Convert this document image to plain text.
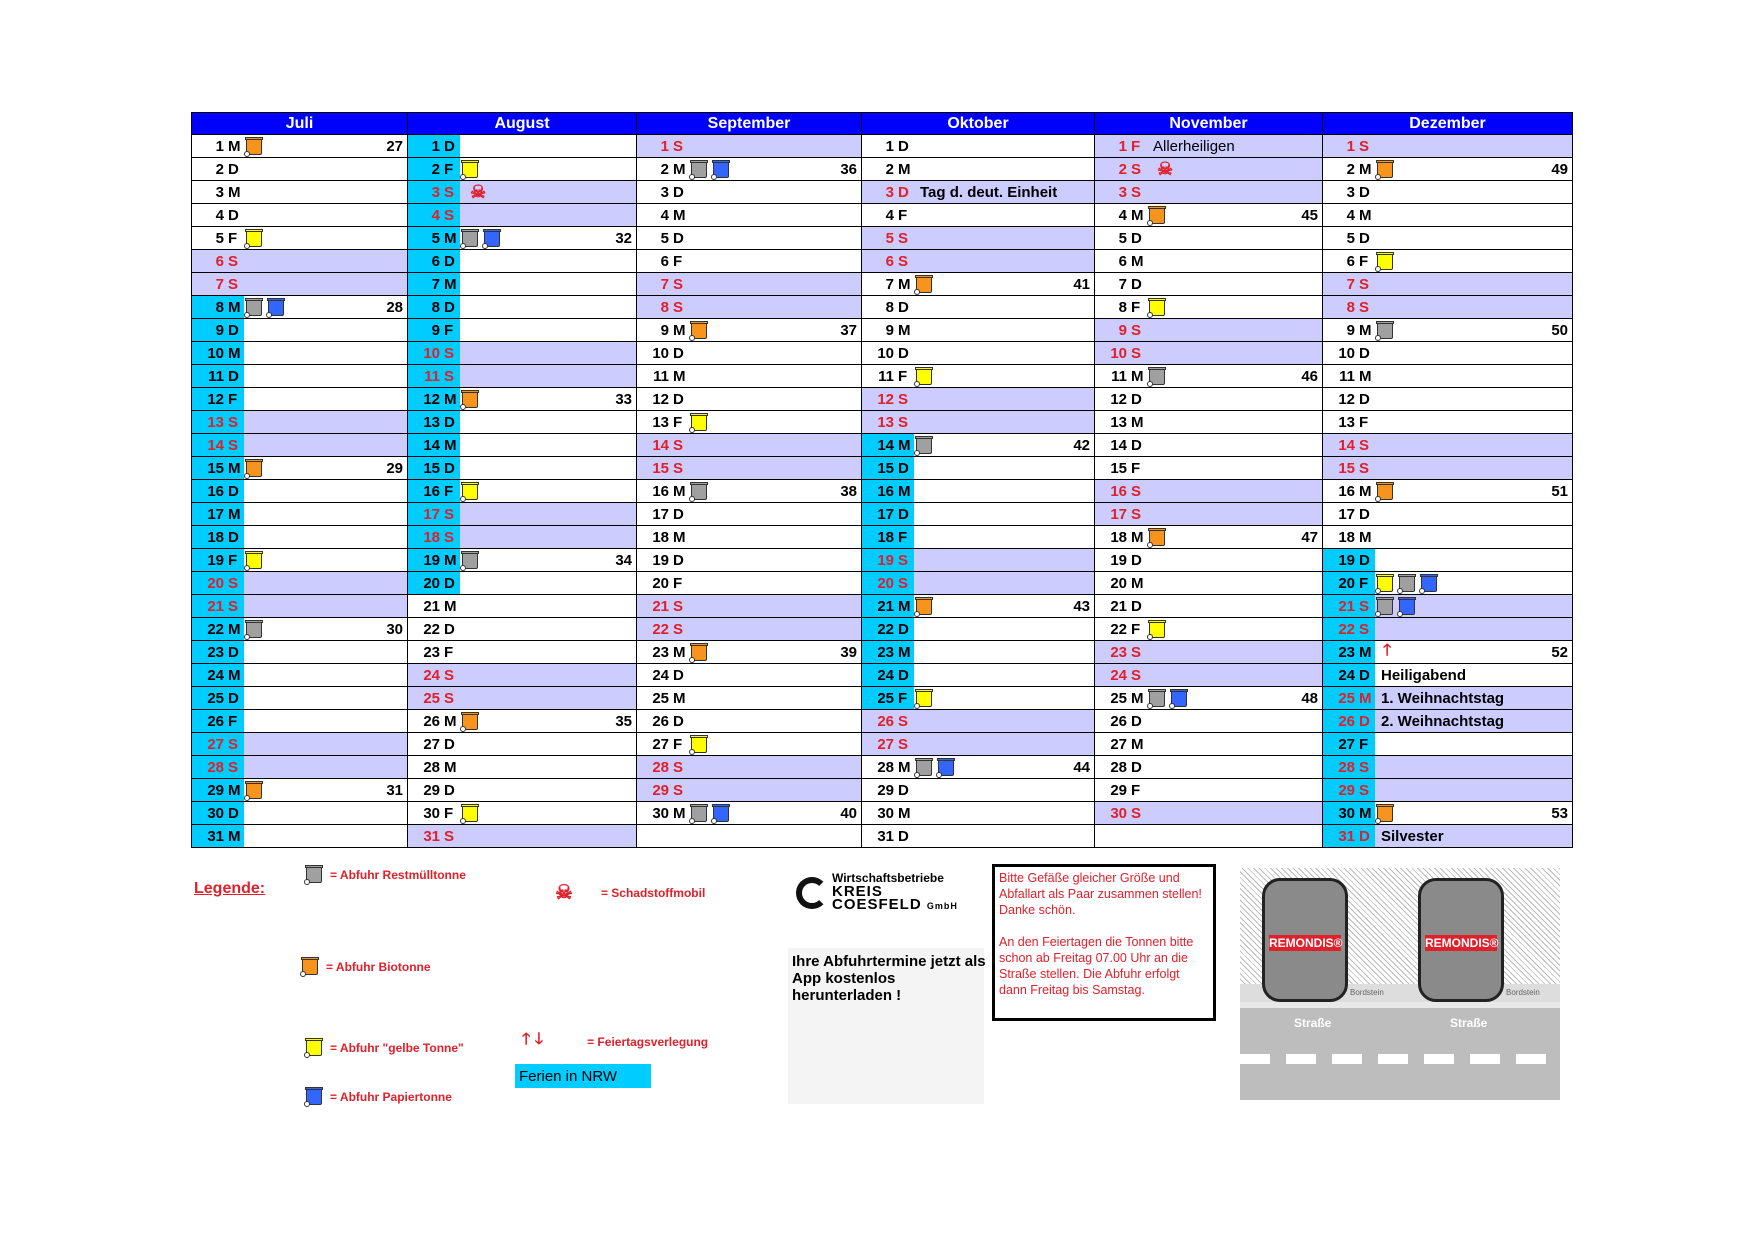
Juli	August	September	Oktober	November	Dezember

1 M 27	1 D	1 S	1 D	1 F Allerheiligen	1 S

2 D	2 F	2 M 36	2 M	2 S ☠	2 M 49

3 M	3 S ☠	3 D	3 D Tag d. deut. Einheit	3 S	3 D

4 D	4 S	4 M	4 F	4 M 45	4 M

5 F	5 M 32	5 D	5 S	5 D	5 D

6 S	6 D	6 F	6 S	6 M	6 F

7 S	7 M	7 S	7 M 41	7 D	7 S

8 M 28	8 D	8 S	8 D	8 F	8 S

9 D	9 F	9 M 37	9 M	9 S	9 M 50

10 M	10 S	10 D	10 D	10 S	10 D

11 D	11 S	11 M	11 F	11 M 46	11 M

12 F	12 M 33	12 D	12 S	12 D	12 D

13 S	13 D	13 F	13 S	13 M	13 F

14 S	14 M	14 S	14 M 42	14 D	14 S

15 M 29	15 D	15 S	15 D	15 F	15 S

16 D	16 F	16 M 38	16 M	16 S	16 M 51

17 M	17 S	17 D	17 D	17 S	17 D

18 D	18 S	18 M	18 F	18 M 47	18 M

19 F	19 M 34	19 D	19 S	19 D	19 D

20 S	20 D	20 F	20 S	20 M	20 F

21 S	21 M	21 S	21 M 43	21 D	21 S

22 M 30	22 D	22 S	22 D	22 F	22 S

23 D	23 F	23 M 39	23 M	23 S	23 M 🡑 52

24 M	24 S	24 D	24 D	24 S	24 D Heiligabend

25 D	25 S	25 M	25 F	25 M 48	25 M 1. Weihnachtstag

26 F	26 M 35	26 D	26 S	26 D	26 D 2. Weihnachtstag

27 S	27 D	27 F	27 S	27 M	27 F

28 S	28 M	28 S	28 M 44	28 D	28 S

29 M 31	29 D	29 S	29 D	29 F	29 S

30 D	30 F	30 M 40	30 M	30 S	30 M 53

31 M	31 S		31 D		31 D Silvester
Legende:
= Abfuhr Restmülltonne
= Abfuhr Biotonne
= Abfuhr "gelbe Tonne"
= Abfuhr Papiertonne
☠ = Schadstoffmobil
🡑 🡓	= Feiertagsverlegung
Ferien in NRW
Wirtschaftsbetriebe
KREIS
COESFELD GmbH
Ihre Abfuhrtermine jetzt als App kostenlos herunterladen !

Bitte Gefäße gleicher Größe und Abfallart als Paar zusammen stellen! Danke schön.

An den Feiertagen die Tonnen bitte schon ab Freitag 07.00 Uhr an die Straße stellen. Die Abfuhr erfolgt dann Freitag bis Samstag.

REMONDIS®	REMONDIS®
Straße	Straße
Bordstein	Bordstein
